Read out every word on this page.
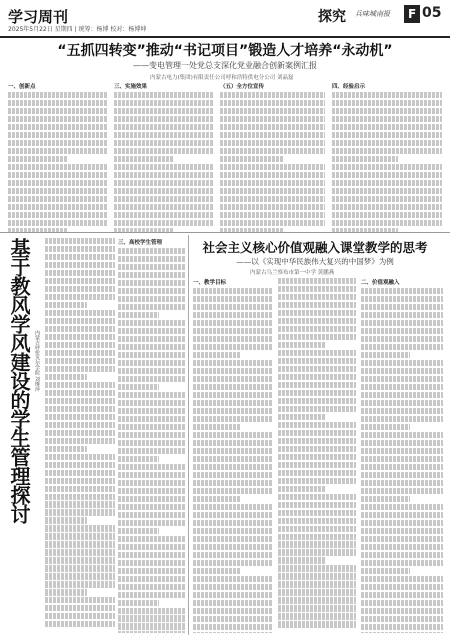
学习周刊
2025年5月22日 星期四 | 统筹：杨博 校对：杨博坤
探究 兵味城南报	F 05
“五抓四转变”推动“书记项目”锻造人才培养“永动机”
——变电管理一处党总支深化党业融合创新案例汇报
内蒙古电力(集团)有限责任公司呼和浩特供电分公司 刘晶磊
一、创新点	三、实施效果	（五）全方位宣传	四、经验启示
基于教风学风建设的学生管理探讨 内蒙古呼伦贝尔学院 刘继萍
三、高校学生管理	社会主义核心价值观融入课堂教学的思考
——以《实现中华民族伟大复兴的中国梦》为例
内蒙古乌兰察布市第一中学 黄鹏燕
一、教学目标	二、价值观融入
